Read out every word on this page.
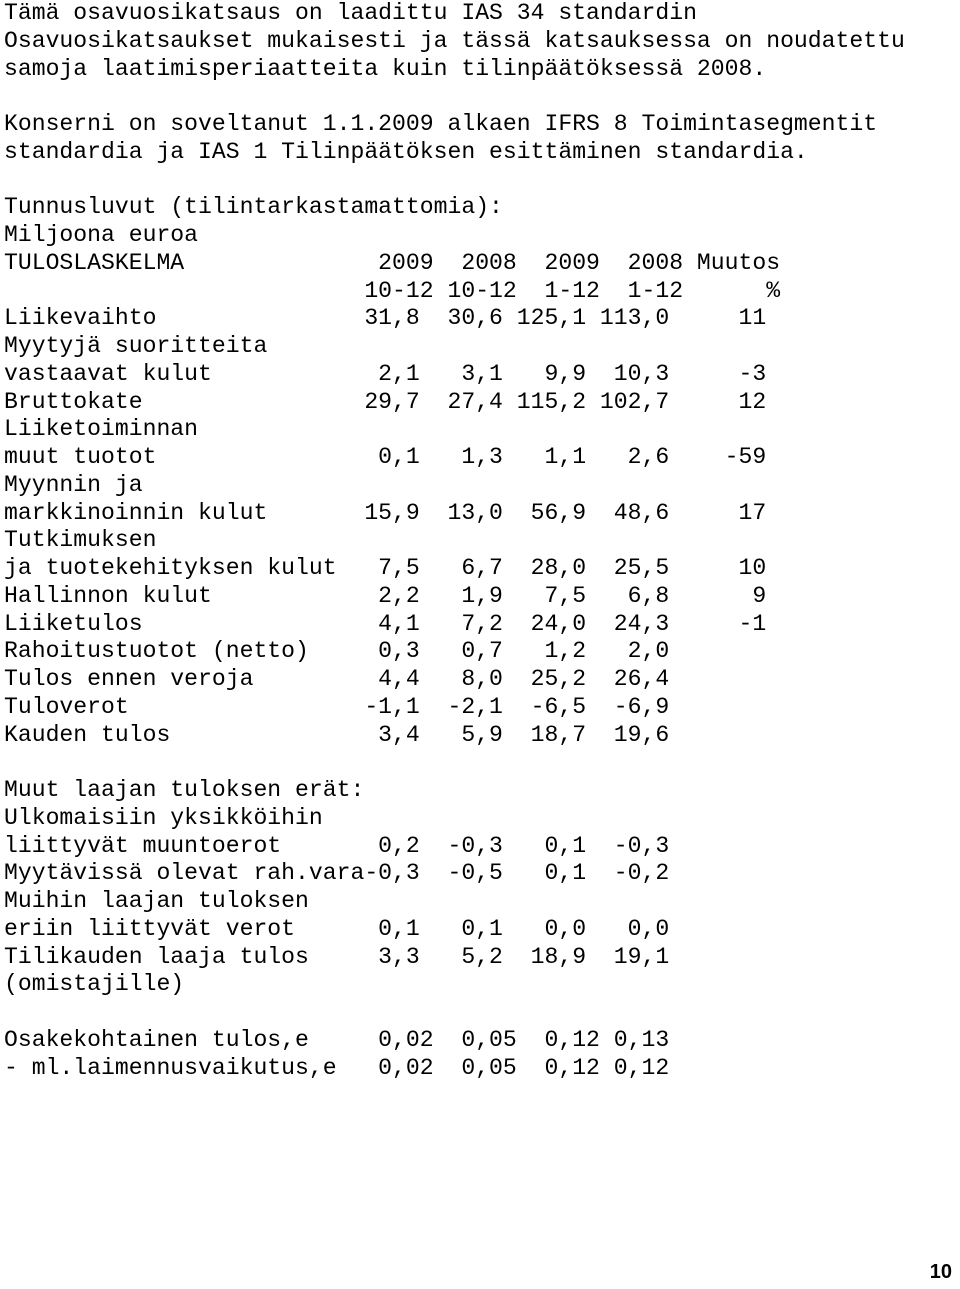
Tämä osavuosikatsaus on laadittu IAS 34 standardin
Osavuosikatsaukset mukaisesti ja tässä katsauksessa on noudatettu
samoja laatimisperiaatteita kuin tilinpäätöksessä 2008.

Konserni on soveltanut 1.1.2009 alkaen IFRS 8 Toimintasegmentit
standardia ja IAS 1 Tilinpäätöksen esittäminen standardia.

Tunnusluvut (tilintarkastamattomia):
Miljoona euroa
TULOSLASKELMA              2009  2008  2009  2008 Muutos
10-12 10-12  1-12  1-12      %
Liikevaihto               31,8  30,6 125,1 113,0     11
Myytyjä suoritteita
vastaavat kulut            2,1   3,1   9,9  10,3     -3
Bruttokate                29,7  27,4 115,2 102,7     12
Liiketoiminnan
muut tuotot                0,1   1,3   1,1   2,6    -59
Myynnin ja
markkinoinnin kulut       15,9  13,0  56,9  48,6     17
Tutkimuksen
ja tuotekehityksen kulut   7,5   6,7  28,0  25,5     10
Hallinnon kulut            2,2   1,9   7,5   6,8      9
Liiketulos                 4,1   7,2  24,0  24,3     -1
Rahoitustuotot (netto)     0,3   0,7   1,2   2,0
Tulos ennen veroja         4,4   8,0  25,2  26,4
Tuloverot                 -1,1  -2,1  -6,5  -6,9
Kauden tulos               3,4   5,9  18,7  19,6

Muut laajan tuloksen erät:
Ulkomaisiin yksikköihin
liittyvät muuntoerot       0,2  -0,3   0,1  -0,3
Myytävissä olevat rah.vara-0,3  -0,5   0,1  -0,2
Muihin laajan tuloksen
eriin liittyvät verot      0,1   0,1   0,0   0,0
Tilikauden laaja tulos     3,3   5,2  18,9  19,1
(omistajille)

Osakekohtainen tulos,e     0,02  0,05  0,12 0,13
- ml.laimennusvaikutus,e   0,02  0,05  0,12 0,12
10
